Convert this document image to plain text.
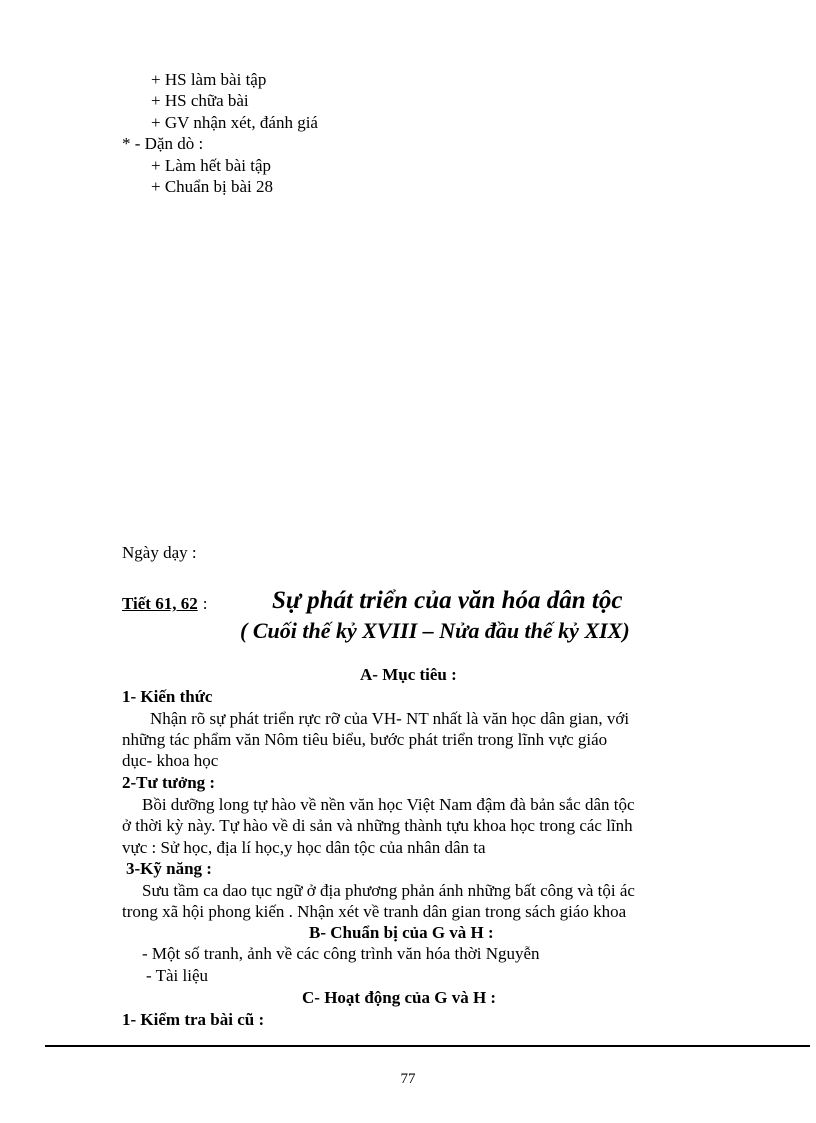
+ HS làm bài tập
+ HS chữa bài
+ GV nhận xét, đánh giá
* - Dặn dò :
+ Làm hết bài tập
+ Chuẩn bị bài 28
Ngày dạy :
Tiết 61, 62 :	Sự phát triển của văn hóa dân tộc
( Cuối thế kỷ XVIII – Nửa đầu thế kỷ XIX)
A- Mục tiêu :
1- Kiến thức
Nhận rõ sự phát triển rực rỡ của VH- NT nhất là văn học dân gian, với
những tác phẩm văn Nôm tiêu biểu, bước phát triển trong lĩnh vực giáo
dục- khoa học
2-Tư tưởng :
Bồi dưỡng long tự hào về nền văn học Việt Nam đậm đà bản sắc dân tộc
ở thời kỳ này. Tự hào về di sản và những thành tựu khoa học trong các lĩnh
vực : Sử học, địa lí học,y học dân tộc của nhân dân ta
3-Kỹ năng :
Sưu tầm ca dao tục ngữ ở địa phương phản ánh những bất công và tội ác
trong xã hội phong kiến . Nhận xét về tranh dân gian trong sách giáo khoa
B- Chuẩn bị của G và H :
- Một số tranh, ảnh về các công trình văn hóa thời Nguyễn
- Tài liệu
C- Hoạt động của G và H :
1- Kiểm tra bài cũ :
77
